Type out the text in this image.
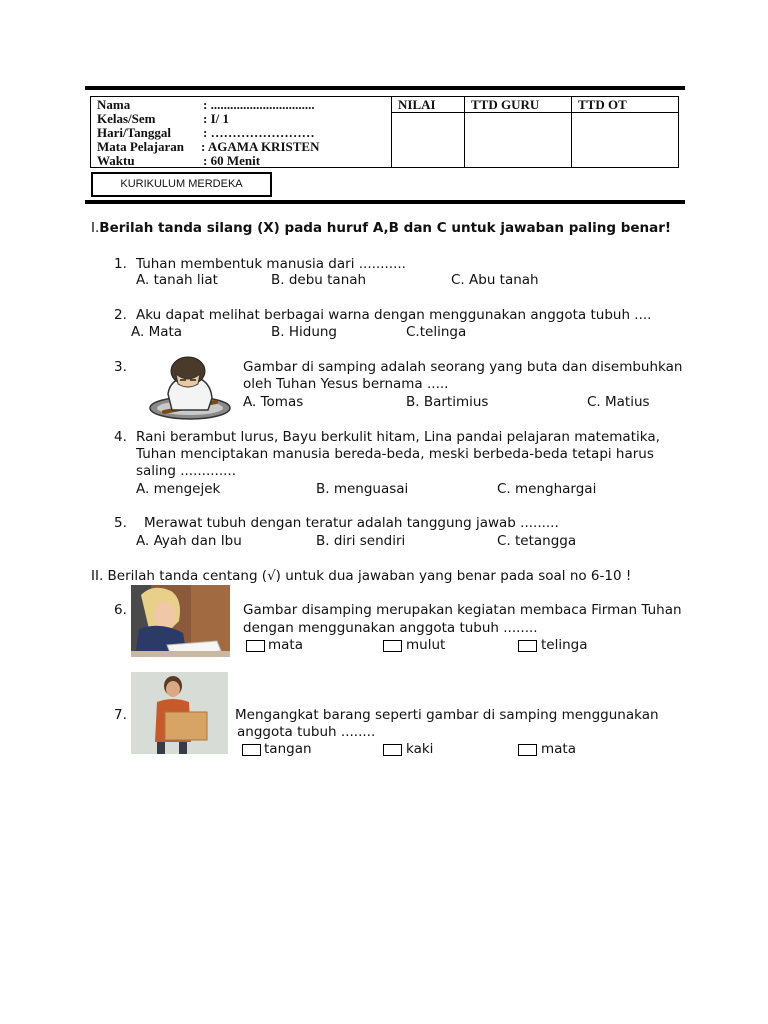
Nama	: ................................
Kelas/Sem	: I/ 1
Hari/Tanggal : ……………………
Mata Pelajaran : AGAMA KRISTEN
Waktu	: 60 Menit
NILAI	TTD GURU	TTD OT
KURIKULUM MERDEKA
I.Berilah tanda silang (X) pada huruf A,B dan C untuk jawaban paling benar!
1. Tuhan membentuk manusia dari ...........
A. tanah liat	B. debu tanah	C. Abu tanah
2. Aku dapat melihat berbagai warna dengan menggunakan anggota tubuh ....
A. Mata	B. Hidung	C.telinga
3.	Gambar di samping adalah seorang yang buta dan disembuhkan
oleh Tuhan Yesus bernama .....
A. Tomas	B. Bartimius	C. Matius
4. Rani berambut lurus, Bayu berkulit hitam, Lina pandai pelajaran matematika,
Tuhan menciptakan manusia bereda-beda, meski berbeda-beda tetapi harus
saling .............
A. mengejek	B. menguasai	C. menghargai
5. Merawat tubuh dengan teratur adalah tanggung jawab .........
A. Ayah dan Ibu	B. diri sendiri	C. tetangga
II. Berilah tanda centang (√) untuk dua jawaban yang benar pada soal no 6-10 !
6.	Gambar disamping merupakan kegiatan membaca Firman Tuhan
dengan menggunakan anggota tubuh ........
mata	mulut	telinga
7.	Mengangkat barang seperti gambar di samping menggunakan
anggota tubuh ........
tangan	kaki	mata
